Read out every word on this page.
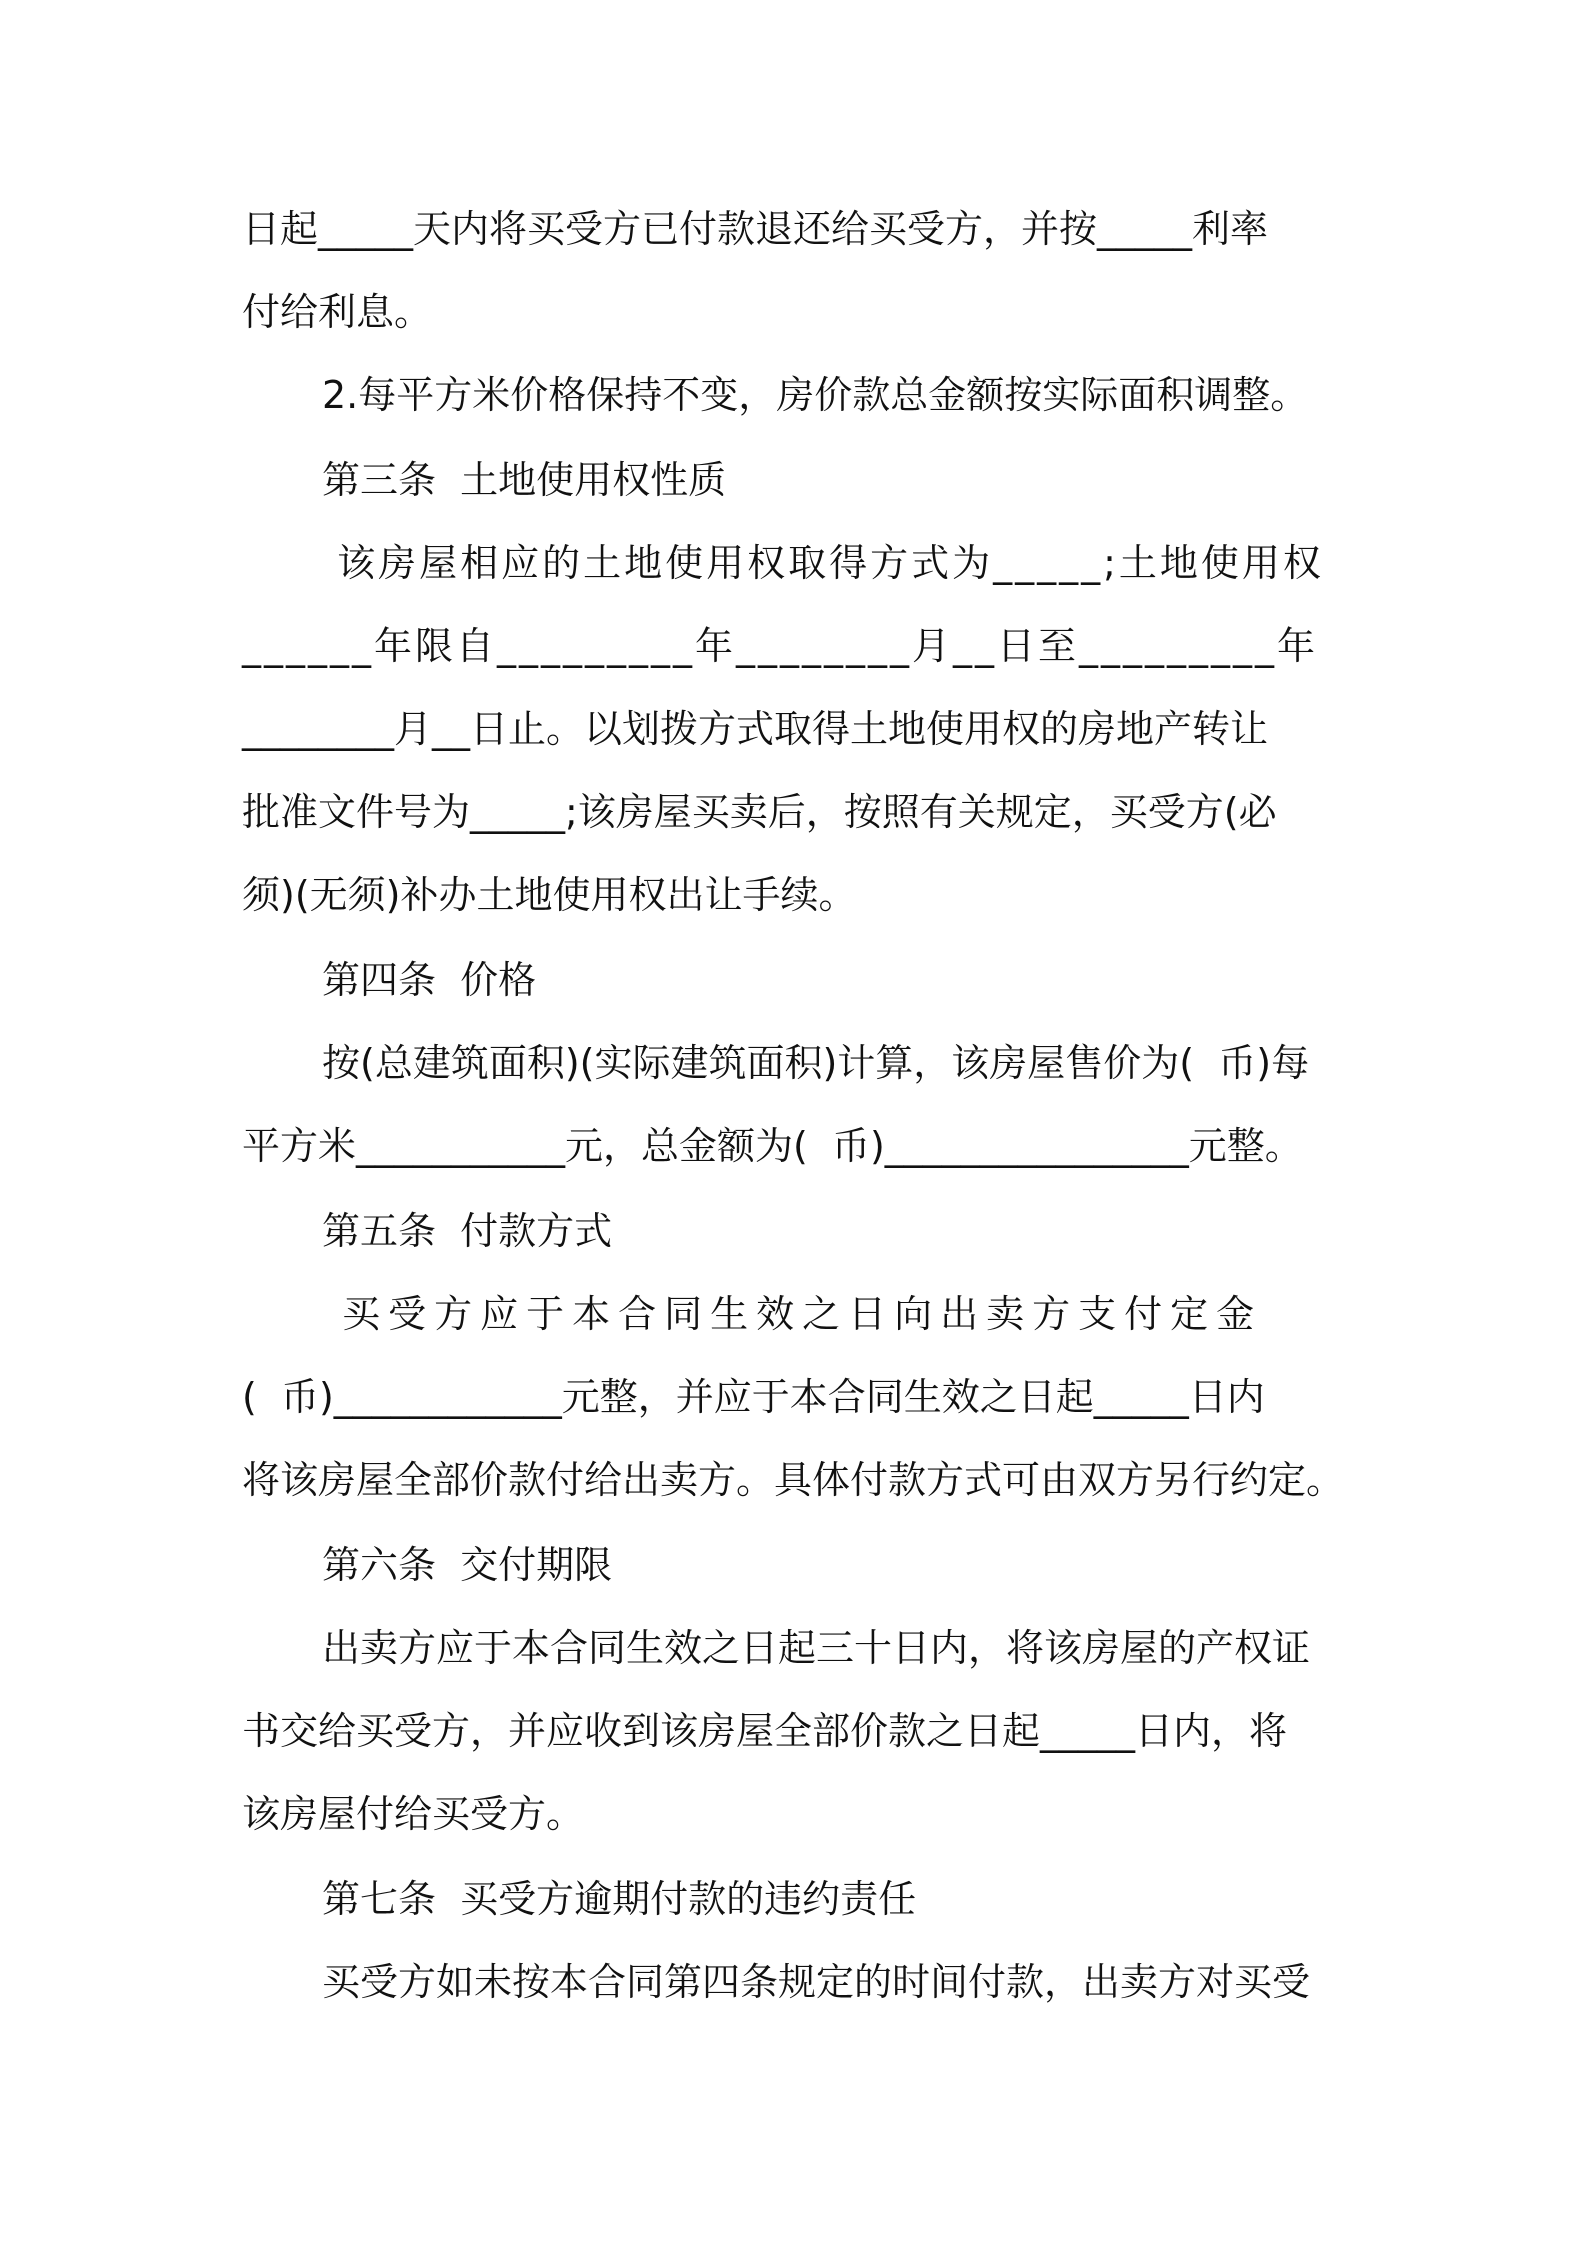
日起_____天内将买受方已付款退还给买受方，并按_____利率
付给利息。
2.每平方米价格保持不变，房价款总金额按实际面积调整。
第三条  土地使用权性质
该房屋相应的土地使用权取得方式为_____;土地使用权
______年限自_________年________月__日至_________年
________月__日止。以划拨方式取得土地使用权的房地产转让
批准文件号为_____;该房屋买卖后，按照有关规定，买受方(必
须)(无须)补办土地使用权出让手续。
第四条  价格
按(总建筑面积)(实际建筑面积)计算，该房屋售价为(  币)每
平方米___________元，总金额为(  币)________________元整。
第五条  付款方式
买受方应于本合同生效之日向出卖方支付定金
(  币)____________元整，并应于本合同生效之日起_____日内
将该房屋全部价款付给出卖方。具体付款方式可由双方另行约定。
第六条  交付期限
出卖方应于本合同生效之日起三十日内，将该房屋的产权证
书交给买受方，并应收到该房屋全部价款之日起_____日内，将
该房屋付给买受方。
第七条  买受方逾期付款的违约责任
买受方如未按本合同第四条规定的时间付款，出卖方对买受
